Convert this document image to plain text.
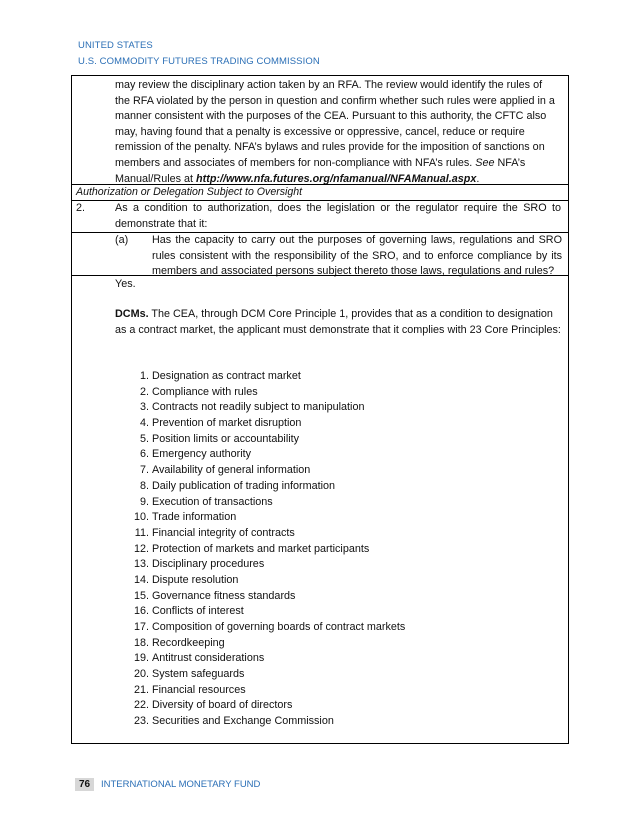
UNITED STATES
U.S. COMMODITY FUTURES TRADING COMMISSION
may review the disciplinary action taken by an RFA. The review would identify the rules of the RFA violated by the person in question and confirm whether such rules were applied in a manner consistent with the purposes of the CEA. Pursuant to this authority, the CFTC also may, having found that a penalty is excessive or oppressive, cancel, reduce or require remission of the penalty. NFA’s bylaws and rules provide for the imposition of sanctions on members and associates of members for non-compliance with NFA’s rules. See NFA’s Manual/Rules at http://www.nfa.futures.org/nfamanual/NFAManual.aspx.
Authorization or Delegation Subject to Oversight
2.	As a condition to authorization, does the legislation or the regulator require the SRO to demonstrate that it:
(a) Has the capacity to carry out the purposes of governing laws, regulations and SRO rules consistent with the responsibility of the SRO, and to enforce compliance by its members and associated persons subject thereto those laws, regulations and rules?
Yes.
DCMs. The CEA, through DCM Core Principle 1, provides that as a condition to designation as a contract market, the applicant must demonstrate that it complies with 23 Core Principles:
1. Designation as contract market
2. Compliance with rules
3. Contracts not readily subject to manipulation
4. Prevention of market disruption
5. Position limits or accountability
6. Emergency authority
7. Availability of general information
8. Daily publication of trading information
9. Execution of transactions
10. Trade information
11. Financial integrity of contracts
12. Protection of markets and market participants
13. Disciplinary procedures
14. Dispute resolution
15. Governance fitness standards
16. Conflicts of interest
17. Composition of governing boards of contract markets
18. Recordkeeping
19. Antitrust considerations
20. System safeguards
21. Financial resources
22. Diversity of board of directors
23. Securities and Exchange Commission
76	INTERNATIONAL MONETARY FUND
